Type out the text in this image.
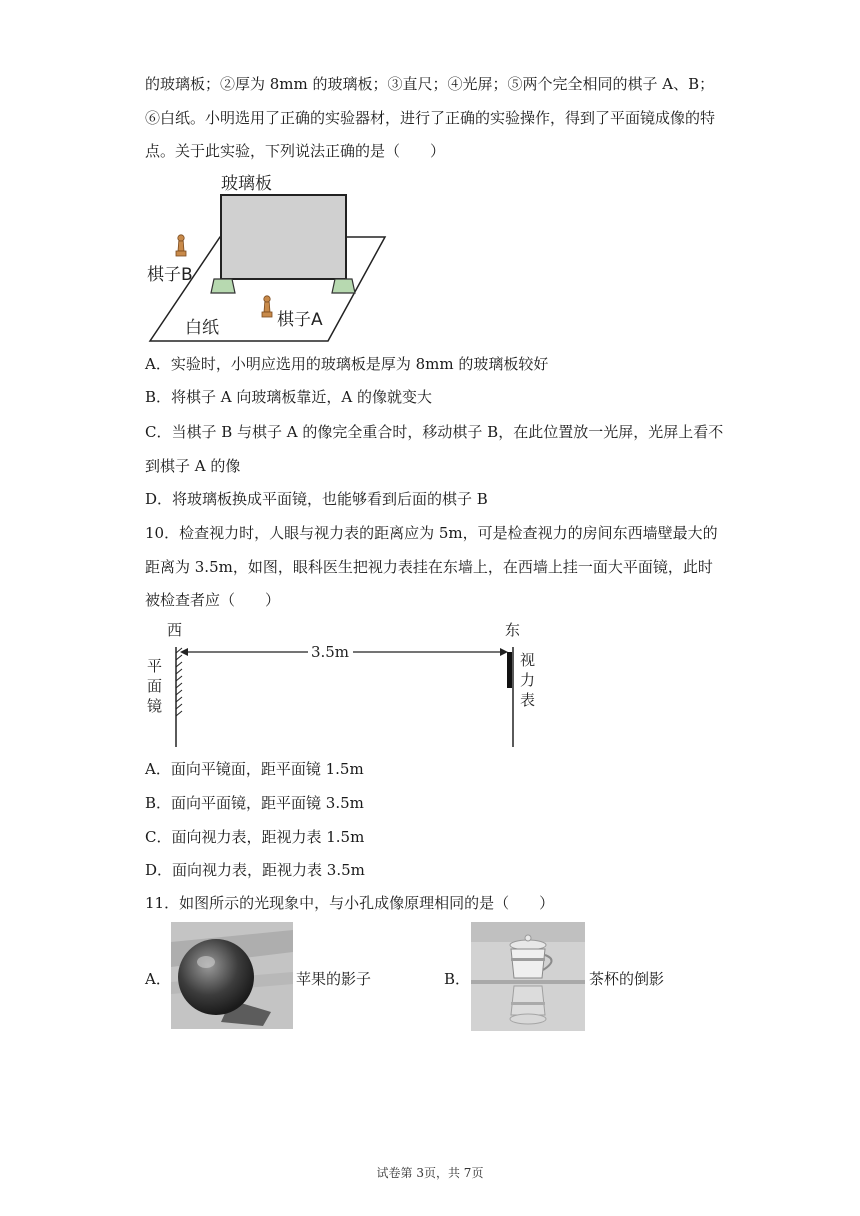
的玻璃板；②厚为 8mm 的玻璃板；③直尺；④光屏；⑤两个完全相同的棋子 A、B；
⑥白纸。小明选用了正确的实验器材，进行了正确的实验操作，得到了平面镜成像的特
点。关于此实验，下列说法正确的是（　　）
玻璃板
棋子B
棋子A
白纸
A．实验时，小明应选用的玻璃板是厚为 8mm 的玻璃板较好
B．将棋子 A 向玻璃板靠近，A 的像就变大
C．当棋子 B 与棋子 A 的像完全重合时，移动棋子 B，在此位置放一光屏，光屏上看不
到棋子 A 的像
D．将玻璃板换成平面镜，也能够看到后面的棋子 B
10．检查视力时，人眼与视力表的距离应为 5m，可是检查视力的房间东西墙壁最大的
距离为 3.5m，如图，眼科医生把视力表挂在东墙上，在西墙上挂一面大平面镜，此时
被检查者应（　　）
3.5m
西	东
平
面
镜
视
力
表
A．面向平镜面，距平面镜 1.5m
B．面向平面镜，距平面镜 3.5m
C．面向视力表，距视力表 1.5m
D．面向视力表，距视力表 3.5m
11．如图所示的光现象中，与小孔成像原理相同的是（　　）
A．	苹果的影子	B．	茶杯的倒影
试卷第 3页，共 7页
